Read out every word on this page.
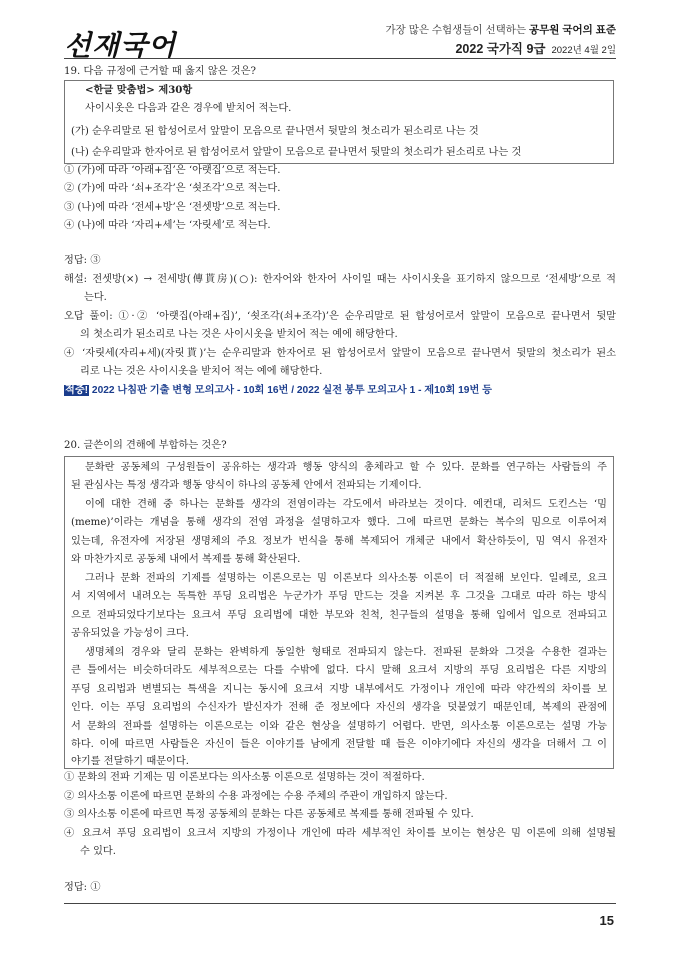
선재국어	가장 많은 수험생들이 선택하는 공무원 국어의 표준
2022 국가직 9급 2022년 4월 2일
19. 다음 규정에 근거할 때 옳지 않은 것은?
<한글 맞춤법> 제30항
사이시옷은 다음과 같은 경우에 받치어 적는다.
(가) 순우리말로 된 합성어로서 앞말이 모음으로 끝나면서 뒷말의 첫소리가 된소리로 나는 것
(나) 순우리말과 한자어로 된 합성어로서 앞말이 모음으로 끝나면서 뒷말의 첫소리가 된소리로 나는 것
① (가)에 따라 ‘아래+집’은 ‘아랫집’으로 적는다.
② (가)에 따라 ‘쇠+조각’은 ‘쇳조각’으로 적는다.
③ (나)에 따라 ‘전세+방’은 ‘전셋방’으로 적는다.
④ (나)에 따라 ‘자리+세’는 ‘자릿세’로 적는다.
정답: ③
해설: 전셋방(×) → 전세방(傳貰房)(○): 한자어와 한자어 사이일 때는 사이시옷을 표기하지 않으므로 ‘전세방’으로 적
는다.
오답 풀이: ①·② ‘아랫집(아래+집)’, ‘쇳조각(쇠+조각)’은 순우리말로 된 합성어로서 앞말이 모음으로 끝나면서 뒷말
의 첫소리가 된소리로 나는 것은 사이시옷을 받치어 적는 예에 해당한다.
④ ‘자릿세(자리+세)(자릿貰)’는 순우리말과 한자어로 된 합성어로서 앞말이 모음으로 끝나면서 뒷말의 첫소리가 된소
리로 나는 것은 사이시옷을 받치어 적는 예에 해당한다.
적중! 2022 나침판 기출 변형 모의고사 - 10회 16번 / 2022 실전 봉투 모의고사 1 - 제10회 19번 등
20. 글쓴이의 견해에 부합하는 것은?
문화란 공동체의 구성원들이 공유하는 생각과 행동 양식의 총체라고 할 수 있다. 문화를 연구하는 사람들의 주
된 관심사는 특정 생각과 행동 양식이 하나의 공동체 안에서 전파되는 기제이다.
이에 대한 견해 중 하나는 문화를 생각의 전염이라는 각도에서 바라보는 것이다. 예컨대, 리처드 도킨스는 ‘밈
(meme)’이라는 개념을 통해 생각의 전염 과정을 설명하고자 했다. 그에 따르면 문화는 복수의 밈으로 이루어져
있는데, 유전자에 저장된 생명체의 주요 정보가 번식을 통해 복제되어 개체군 내에서 확산하듯이, 밈 역시 유전자
와 마찬가지로 공동체 내에서 복제를 통해 확산된다.
그러나 문화 전파의 기제를 설명하는 이론으로는 밈 이론보다 의사소통 이론이 더 적절해 보인다. 일례로, 요크
셔 지역에서 내려오는 독특한 푸딩 요리법은 누군가가 푸딩 만드는 것을 지켜본 후 그것을 그대로 따라 하는 방식
으로 전파되었다기보다는 요크셔 푸딩 요리법에 대한 부모와 친척, 친구들의 설명을 통해 입에서 입으로 전파되고
공유되었을 가능성이 크다.
생명체의 경우와 달리 문화는 완벽하게 동일한 형태로 전파되지 않는다. 전파된 문화와 그것을 수용한 결과는
큰 틀에서는 비슷하더라도 세부적으로는 다를 수밖에 없다. 다시 말해 요크셔 지방의 푸딩 요리법은 다른 지방의
푸딩 요리법과 변별되는 특색을 지니는 동시에 요크셔 지방 내부에서도 가정이나 개인에 따라 약간씩의 차이를 보
인다. 이는 푸딩 요리법의 수신자가 발신자가 전해 준 정보에다 자신의 생각을 덧붙였기 때문인데, 복제의 관점에
서 문화의 전파를 설명하는 이론으로는 이와 같은 현상을 설명하기 어렵다. 반면, 의사소통 이론으로는 설명 가능
하다. 이에 따르면 사람들은 자신이 들은 이야기를 남에게 전달할 때 들은 이야기에다 자신의 생각을 더해서 그 이
야기를 전달하기 때문이다.
① 문화의 전파 기제는 밈 이론보다는 의사소통 이론으로 설명하는 것이 적절하다.
② 의사소통 이론에 따르면 문화의 수용 과정에는 수용 주체의 주관이 개입하지 않는다.
③ 의사소통 이론에 따르면 특정 공동체의 문화는 다른 공동체로 복제를 통해 전파될 수 있다.
④ 요크셔 푸딩 요리법이 요크셔 지방의 가정이나 개인에 따라 세부적인 차이를 보이는 현상은 밈 이론에 의해 설명될
수 있다.
정답: ①
15
